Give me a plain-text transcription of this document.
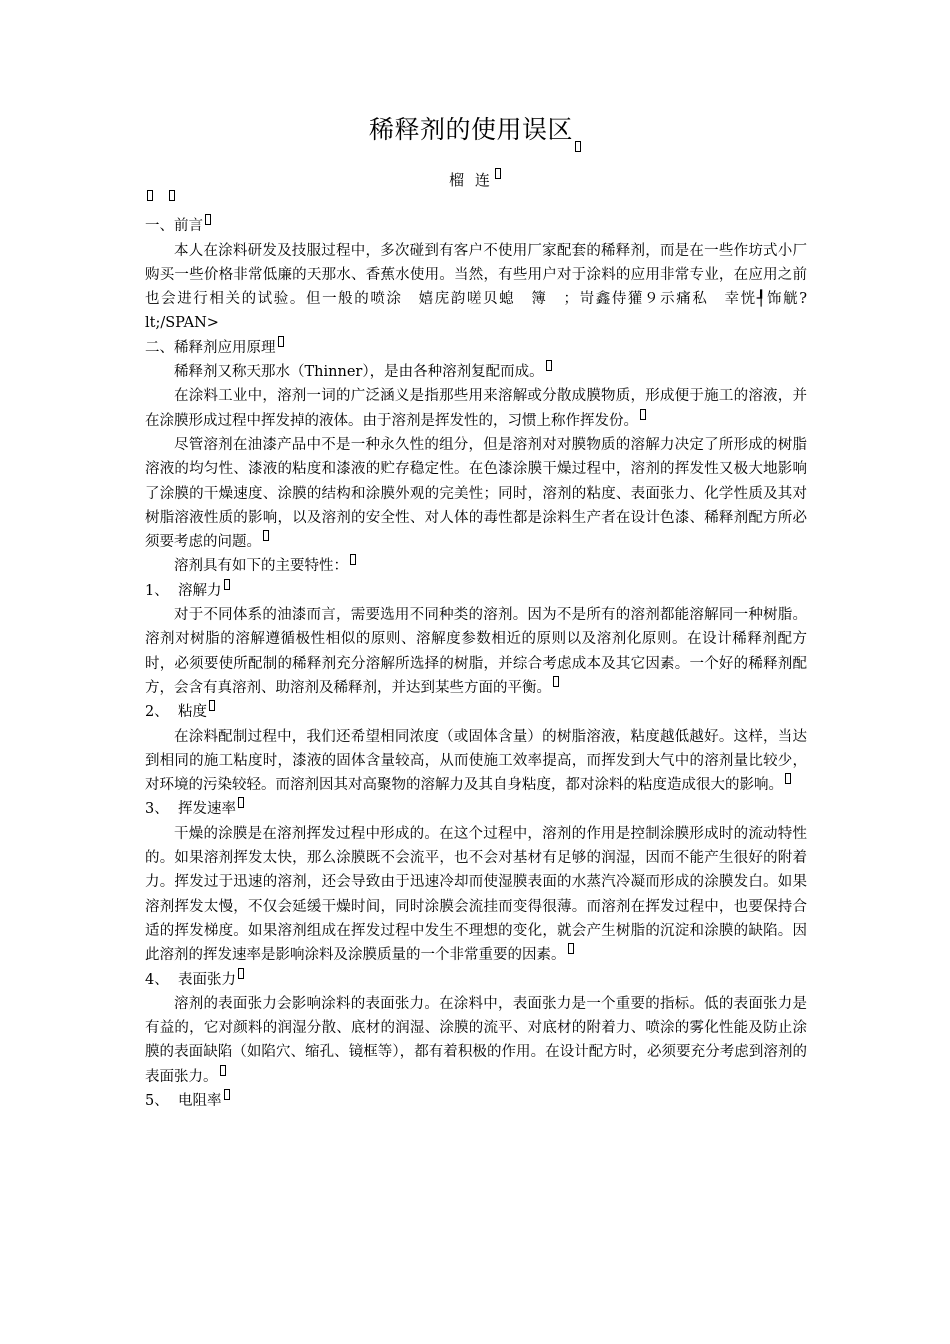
稀释剂的使用误区
榴 连

一、前言

本人在涂料研发及技服过程中，多次碰到有客户不使用厂家配套的稀释剂，而是在一些作坊式小厂购买一些价格非常低廉的天那水、香蕉水使用。当然，有些用户对于涂料的应用非常专业，在应用之前也会进行相关的试验。但一般的喷涂　嬉庑韵嗟贝螅　簿　；岢鑫侍獾９示痛私　幸恍┦饰觥?lt;/SPAN>

二、稀释剂应用原理

稀释剂又称天那水（Thinner），是由各种溶剂复配而成。

在涂料工业中，溶剂一词的广泛涵义是指那些用来溶解或分散成膜物质，形成便于施工的溶液，并在涂膜形成过程中挥发掉的液体。由于溶剂是挥发性的，习惯上称作挥发份。

尽管溶剂在油漆产品中不是一种永久性的组分，但是溶剂对对膜物质的溶解力决定了所形成的树脂溶液的均匀性、漆液的粘度和漆液的贮存稳定性。在色漆涂膜干燥过程中，溶剂的挥发性又极大地影响了涂膜的干燥速度、涂膜的结构和涂膜外观的完美性；同时，溶剂的粘度、表面张力、化学性质及其对树脂溶液性质的影响，以及溶剂的安全性、对人体的毒性都是涂料生产者在设计色漆、稀释剂配方所必须要考虑的问题。

溶剂具有如下的主要特性：

1、 溶解力

对于不同体系的油漆而言，需要选用不同种类的溶剂。因为不是所有的溶剂都能溶解同一种树脂。溶剂对树脂的溶解遵循极性相似的原则、溶解度参数相近的原则以及溶剂化原则。在设计稀释剂配方时，必须要使所配制的稀释剂充分溶解所选择的树脂，并综合考虑成本及其它因素。一个好的稀释剂配方，会含有真溶剂、助溶剂及稀释剂，并达到某些方面的平衡。

2、 粘度

在涂料配制过程中，我们还希望相同浓度（或固体含量）的树脂溶液，粘度越低越好。这样，当达到相同的施工粘度时，漆液的固体含量较高，从而使施工效率提高，而挥发到大气中的溶剂量比较少，对环境的污染较轻。而溶剂因其对高聚物的溶解力及其自身粘度，都对涂料的粘度造成很大的影响。

3、 挥发速率

干燥的涂膜是在溶剂挥发过程中形成的。在这个过程中，溶剂的作用是控制涂膜形成时的流动特性的。如果溶剂挥发太快，那么涂膜既不会流平，也不会对基材有足够的润湿，因而不能产生很好的附着力。挥发过于迅速的溶剂，还会导致由于迅速冷却而使湿膜表面的水蒸汽冷凝而形成的涂膜发白。如果溶剂挥发太慢，不仅会延缓干燥时间，同时涂膜会流挂而变得很薄。而溶剂在挥发过程中，也要保持合适的挥发梯度。如果溶剂组成在挥发过程中发生不理想的变化，就会产生树脂的沉淀和涂膜的缺陷。因此溶剂的挥发速率是影响涂料及涂膜质量的一个非常重要的因素。

4、 表面张力

溶剂的表面张力会影响涂料的表面张力。在涂料中，表面张力是一个重要的指标。低的表面张力是有益的，它对颜料的润湿分散、底材的润湿、涂膜的流平、对底材的附着力、喷涂的雾化性能及防止涂膜的表面缺陷（如陷穴、缩孔、镜框等），都有着积极的作用。在设计配方时，必须要充分考虑到溶剂的表面张力。

5、 电阻率
